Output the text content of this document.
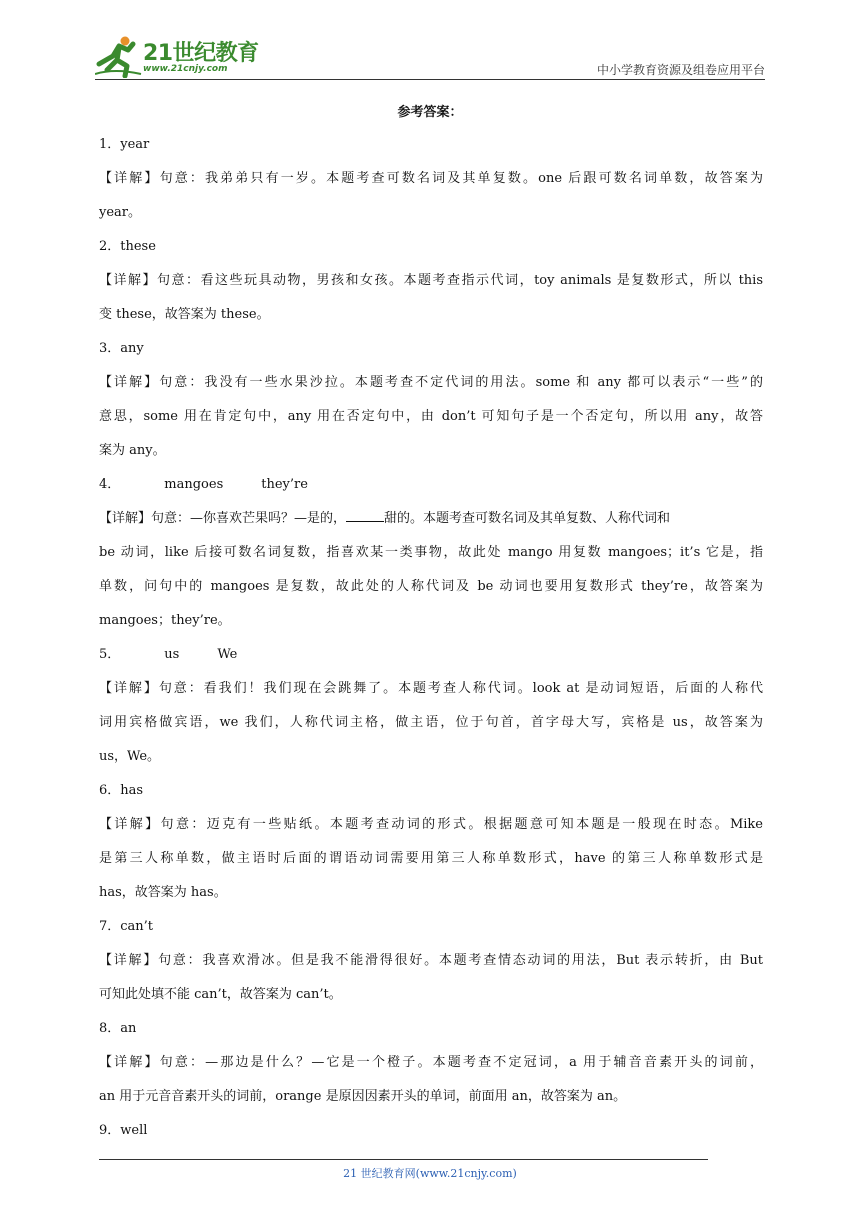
21世纪教育
www.21cnjy.com	中小学教育资源及组卷应用平台
参考答案：
1．year
【详解】句意：我弟弟只有一岁。本题考查可数名词及其单复数。one 后跟可数名词单数，故答案为
year。
2．these
【详解】句意：看这些玩具动物，男孩和女孩。本题考查指示代词，toy animals 是复数形式，所以 this
变 these，故答案为 these。
3．any
【详解】句意：我没有一些水果沙拉。本题考查不定代词的用法。some 和 any 都可以表示“一些”的
意思，some 用在肯定句中，any 用在否定句中，由 don’t 可知句子是一个否定句，所以用 any，故答
案为 any。
4．	mangoes	they’re
【详解】句意：—你喜欢芒果吗？—是的，	甜的。本题考查可数名词及其单复数、人称代词和
be 动词，like 后接可数名词复数，指喜欢某一类事物，故此处 mango 用复数 mangoes；it’s 它是，指
单数，问句中的 mangoes 是复数，故此处的人称代词及 be 动词也要用复数形式 they’re，故答案为
mangoes；they’re。
5．	us	We
【详解】句意：看我们！我们现在会跳舞了。本题考查人称代词。look at 是动词短语，后面的人称代
词用宾格做宾语，we 我们，人称代词主格，做主语，位于句首，首字母大写，宾格是 us，故答案为
us，We。
6．has
【详解】句意：迈克有一些贴纸。本题考查动词的形式。根据题意可知本题是一般现在时态。Mike
是第三人称单数，做主语时后面的谓语动词需要用第三人称单数形式，have 的第三人称单数形式是
has，故答案为 has。
7．can’t
【详解】句意：我喜欢滑冰。但是我不能滑得很好。本题考查情态动词的用法，But 表示转折，由 But
可知此处填不能 can’t，故答案为 can’t。
8．an
【详解】句意：—那边是什么？—它是一个橙子。本题考查不定冠词，a 用于辅音音素开头的词前，
an 用于元音音素开头的词前，orange 是原因因素开头的单词，前面用 an，故答案为 an。
9．well
21 世纪教育网(www.21cnjy.com)
